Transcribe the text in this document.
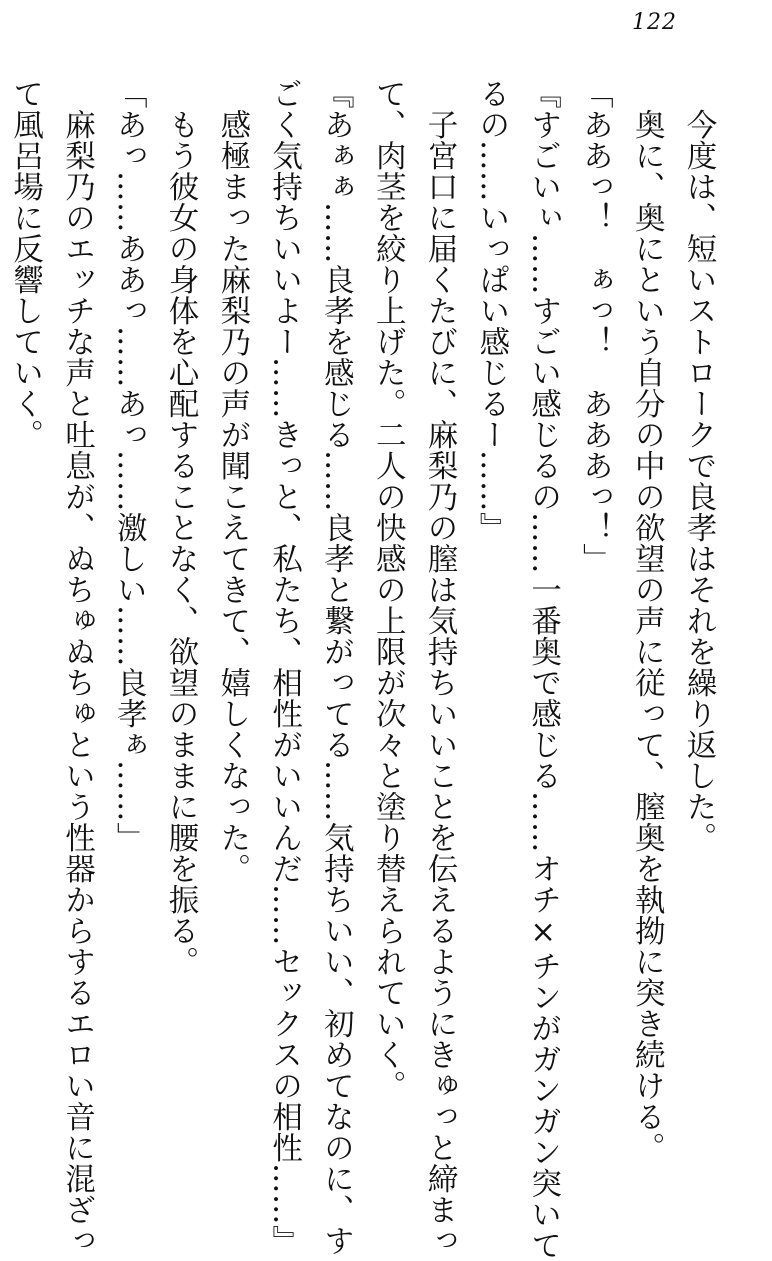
122

　今度は、短いストロークで良孝はそれを繰り返した。

　奥に、奥にという自分の中の欲望の声に従って、膣奥を執拗に突き続ける。

「ああっ！　ぁっ！　あああっ！」

『すごいぃ……すごい感じるの……一番奥で感じる……オチ×チンがガンガン突いて

るの……いっぱい感じるー……』

　子宮口に届くたびに、麻梨乃の膣は気持ちいいことを伝えるようにきゅっと締まっ

て、肉茎を絞り上げた。二人の快感の上限が次々と塗り替えられていく。

『あぁぁ……良孝を感じる……良孝と繋がってる……気持ちいい、初めてなのに、す

ごく気持ちいいよー……きっと、私たち、相性がいいんだ……セックスの相性……』

　感極まった麻梨乃の声が聞こえてきて、嬉しくなった。

　もう彼女の身体を心配することなく、欲望のままに腰を振る。

「あっ……ああっ……あっ……激しい……良孝ぁ……」

　麻梨乃のエッチな声と吐息が、ぬちゅぬちゅという性器からするエロい音に混ざっ

て風呂場に反響していく。
